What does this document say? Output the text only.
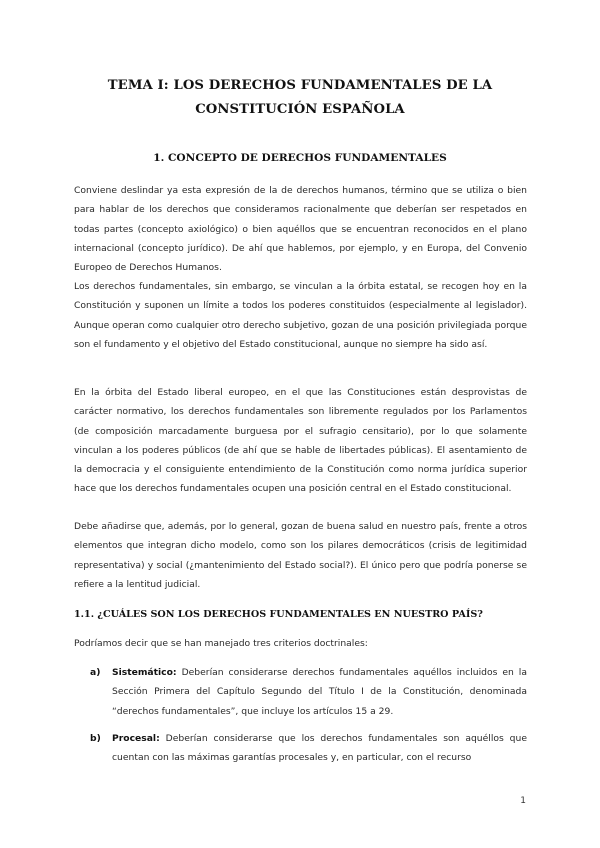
TEMA I: LOS DERECHOS FUNDAMENTALES DE LA
CONSTITUCIÓN ESPAÑOLA
1. CONCEPTO DE DERECHOS FUNDAMENTALES

Conviene deslindar ya esta expresión de la de derechos humanos, término que se utiliza o bien para hablar de los derechos que consideramos racionalmente que deberían ser respetados en todas partes (concepto axiológico) o bien aquéllos que se encuentran reconocidos en el plano internacional (concepto jurídico). De ahí que hablemos, por ejemplo, y en Europa, del Convenio Europeo de Derechos Humanos.

Los derechos fundamentales, sin embargo, se vinculan a la órbita estatal, se recogen hoy en la Constitución y suponen un límite a todos los poderes constituidos (especialmente al legislador). Aunque operan como cualquier otro derecho subjetivo, gozan de una posición privilegiada porque son el fundamento y el objetivo del Estado constitucional, aunque no siempre ha sido así.

En la órbita del Estado liberal europeo, en el que las Constituciones están desprovistas de carácter normativo, los derechos fundamentales son libremente regulados por los Parlamentos (de composición marcadamente burguesa por el sufragio censitario), por lo que solamente vinculan a los poderes públicos (de ahí que se hable de libertades públicas). El asentamiento de la democracia y el consiguiente entendimiento de la Constitución como norma jurídica superior hace que los derechos fundamentales ocupen una posición central en el Estado constitucional.

Debe añadirse que, además, por lo general, gozan de buena salud en nuestro país, frente a otros elementos que integran dicho modelo, como son los pilares democráticos (crisis de legitimidad representativa) y social (¿mantenimiento del Estado social?). El único pero que podría ponerse se refiere a la lentitud judicial.

1.1. ¿CUÁLES SON LOS DERECHOS FUNDAMENTALES EN NUESTRO PAÍS?

Podríamos decir que se han manejado tres criterios doctrinales:

a) Sistemático: Deberían considerarse derechos fundamentales aquéllos incluidos en la Sección Primera del Capítulo Segundo del Título I de la Constitución, denominada “derechos fundamentales”, que incluye los artículos 15 a 29.
b) Procesal: Deberían considerarse que los derechos fundamentales son aquéllos que cuentan con las máximas garantías procesales y, en particular, con el recurso
1
